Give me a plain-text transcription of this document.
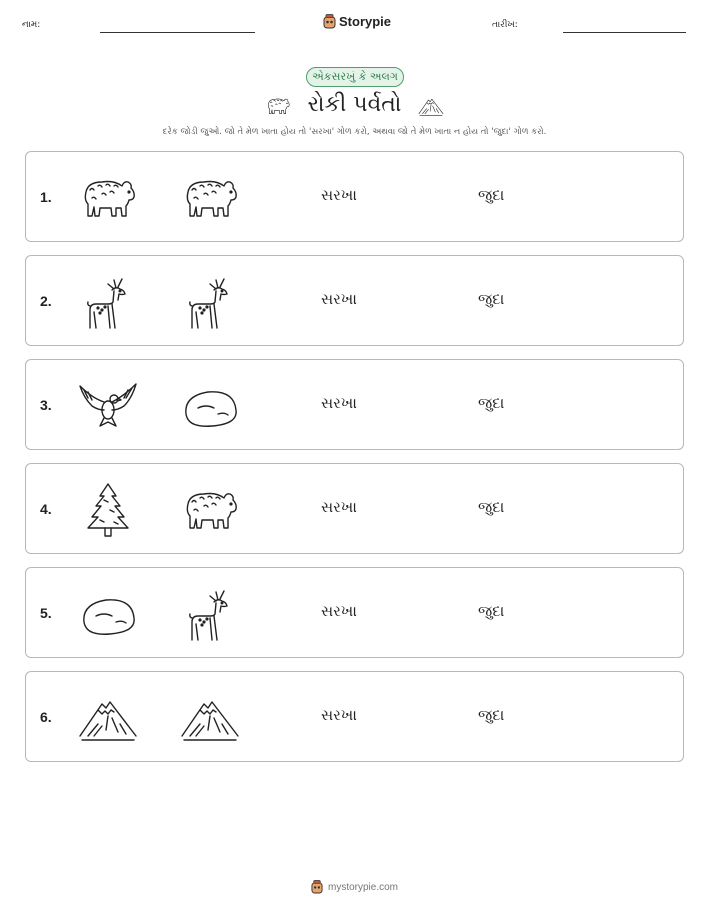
નામ:	Storypie	તારીખ:
એકસરખું કે અલગ
રોકી પર્વતો
દરેક જોડી જુઓ. જો તે મેળ ખાતા હોય તો 'સરખા' ગોળ કરો, અથવા જો તે મેળ ખાતા ન હોય તો 'જુદા' ગોળ કરો.
1.	સરખા	જુદા
2.	સરખા	જુદા
3.	સરખા	જુદા
4.	સરખા	જુદા
5.	સરખા	જુદા
6.	સરખા	જુદા
mystorypie.com
